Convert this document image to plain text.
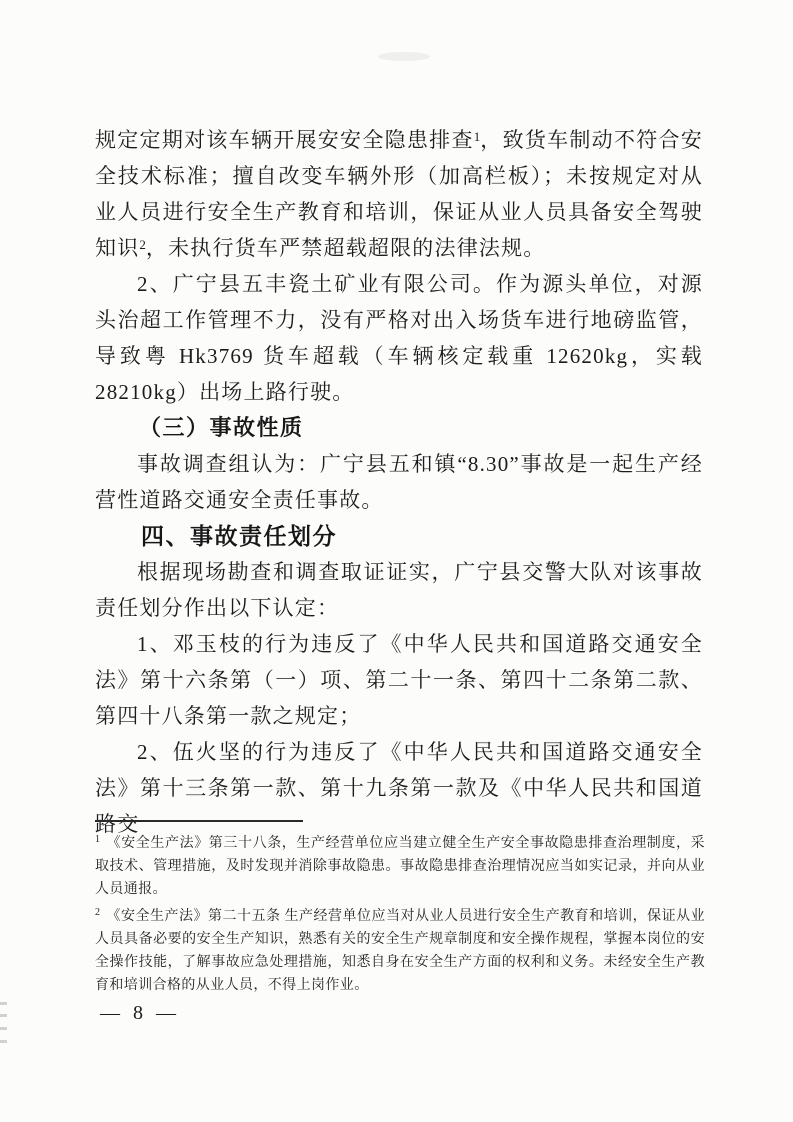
规定定期对该车辆开展安安全隐患排查$^1$，致货车制动不符合安全技术标准；擅自改变车辆外形（加高栏板）；未按规定对从业人员进行安全生产教育和培训，保证从业人员具备安全驾驶知识$^2$，未执行货车严禁超载超限的法律法规。

2、广宁县五丰瓷土矿业有限公司。作为源头单位，对源头治超工作管理不力，没有严格对出入场货车进行地磅监管，导致粤 Hk3769 货车超载（车辆核定载重 12620kg，实载 28210kg）出场上路行驶。

（三）事故性质

事故调查组认为：广宁县五和镇“8.30”事故是一起生产经营性道路交通安全责任事故。

四、事故责任划分

根据现场勘查和调查取证证实，广宁县交警大队对该事故责任划分作出以下认定：

1、邓玉枝的行为违反了《中华人民共和国道路交通安全法》第十六条第（一）项、第二十一条、第四十二条第二款、第四十八条第一款之规定；

2、伍火坚的行为违反了《中华人民共和国道路交通安全法》第十三条第一款、第十九条第一款及《中华人民共和国道路交

$^1$ 《安全生产法》第三十八条，生产经营单位应当建立健全生产安全事故隐患排查治理制度，采取技术、管理措施，及时发现并消除事故隐患。事故隐患排查治理情况应当如实记录，并向从业人员通报。

$^2$ 《安全生产法》第二十五条 生产经营单位应当对从业人员进行安全生产教育和培训，保证从业人员具备必要的安全生产知识，熟悉有关的安全生产规章制度和安全操作规程，掌握本岗位的安全操作技能，了解事故应急处理措施，知悉自身在安全生产方面的权利和义务。未经安全生产教育和培训合格的从业人员，不得上岗作业。

— 8 —
